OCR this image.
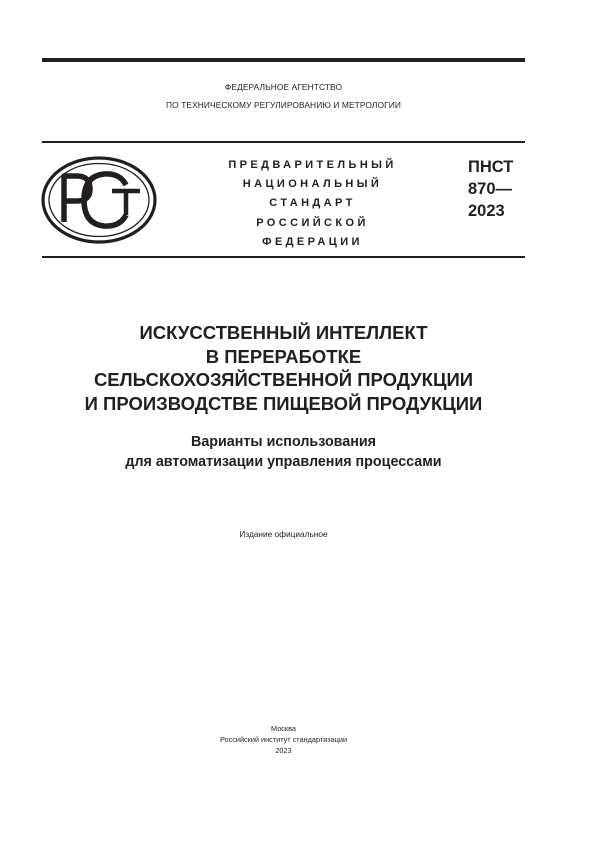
ФЕДЕРАЛЬНОЕ АГЕНТСТВО
ПО ТЕХНИЧЕСКОМУ РЕГУЛИРОВАНИЮ И МЕТРОЛОГИИ
ПРЕДВАРИТЕЛЬНЫЙ
НАЦИОНАЛЬНЫЙ
СТАНДАРТ
РОССИЙСКОЙ
ФЕДЕРАЦИИ
ПНСТ
870—
2023
ИСКУССТВЕННЫЙ ИНТЕЛЛЕКТ
В ПЕРЕРАБОТКЕ
СЕЛЬСКОХОЗЯЙСТВЕННОЙ ПРОДУКЦИИ
И ПРОИЗВОДСТВЕ ПИЩЕВОЙ ПРОДУКЦИИ
Варианты использования
для автоматизации управления процессами
Издание официальное
Москва
Российский институт стандартизации
2023
